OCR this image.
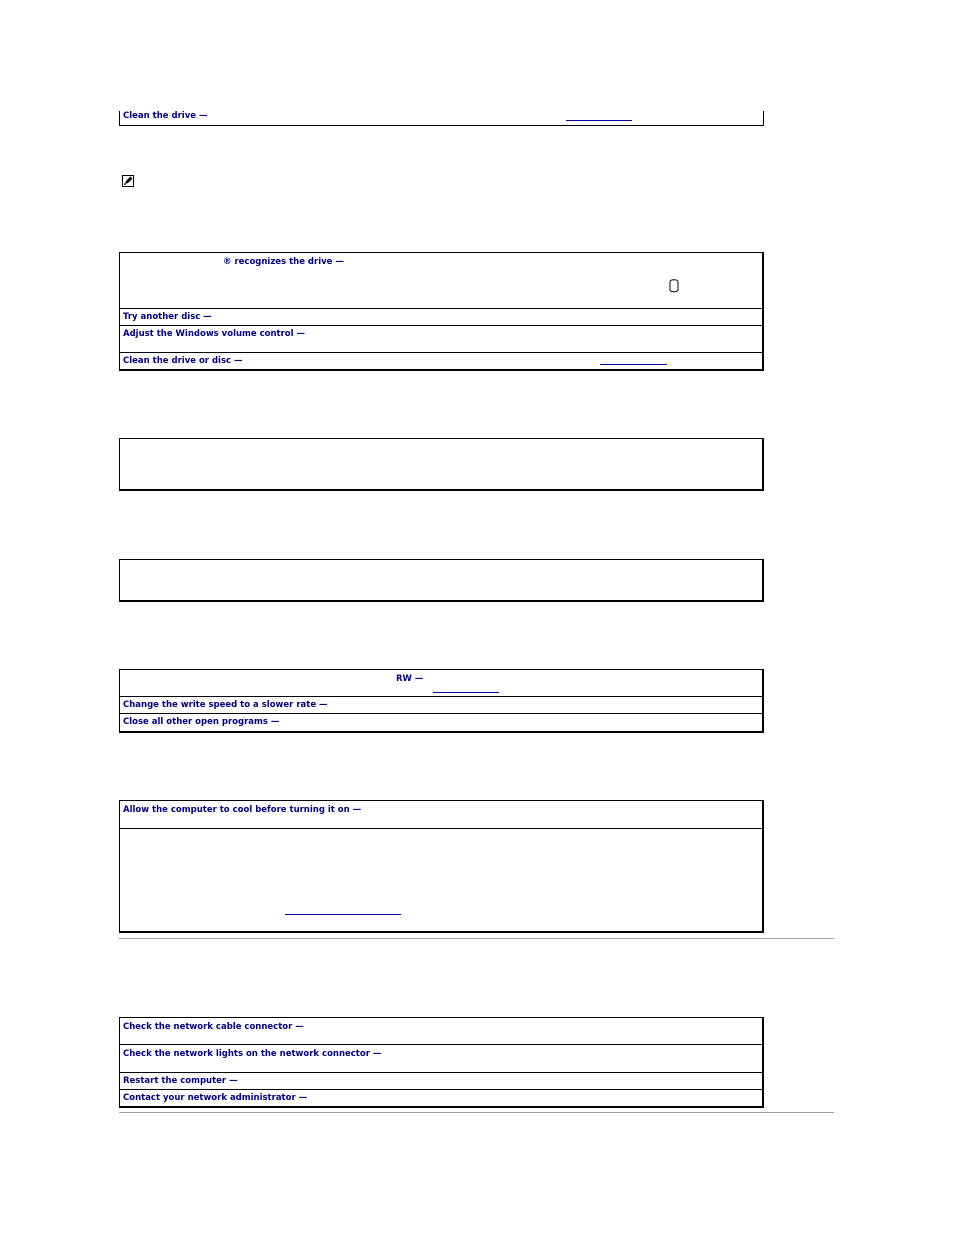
Clean the drive —
® recognizes the drive —
Try another disc —
Adjust the Windows volume control —
Clean the drive or disc —
RW —
Change the write speed to a slower rate —
Close all other open programs —
Allow the computer to cool before turning it on —
Check the network cable connector —
Check the network lights on the network connector —
Restart the computer —
Contact your network administrator —
